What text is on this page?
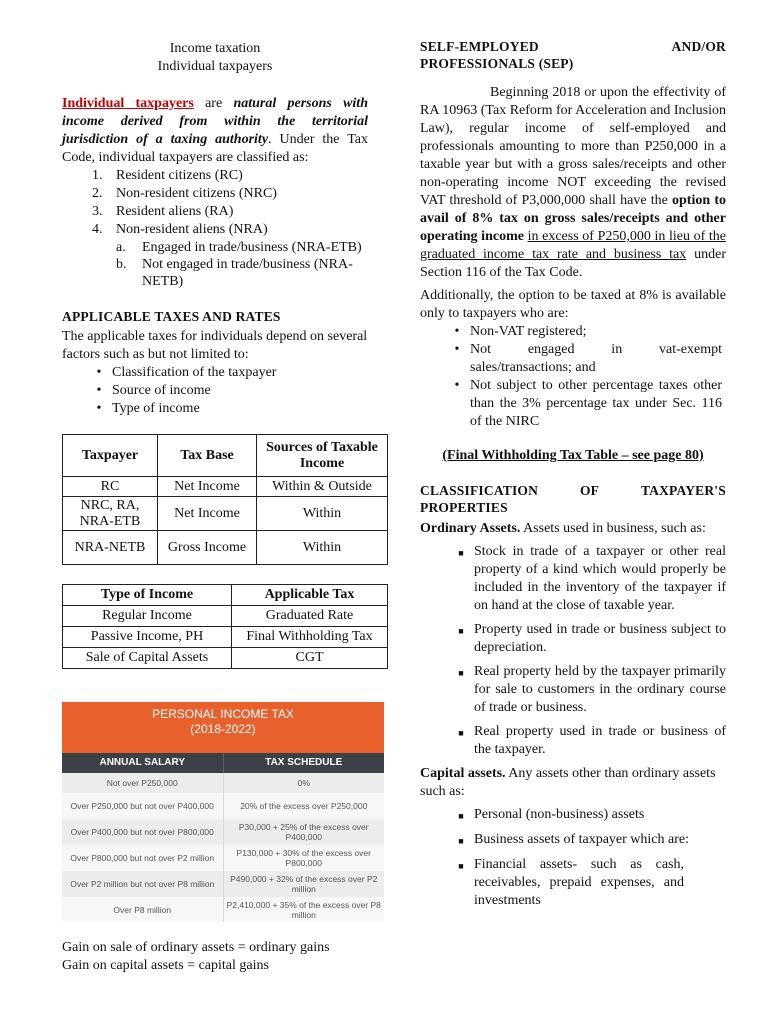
Income taxation

Individual taxpayers

Individual taxpayers are natural persons with income derived from within the territorial jurisdiction of a taxing authority. Under the Tax Code, individual taxpayers are classified as:

1. Resident citizens (RC)
2. Non-resident citizens (NRC)
3. Resident aliens (RA)
4. Non-resident aliens (NRA)
a.	Engaged in trade/business (NRA-ETB)
b.	Not engaged in trade/business (NRA-NETB)

APPLICABLE TAXES AND RATES

The applicable taxes for individuals depend on several factors such as but not limited to:

• Classification of the taxpayer
• Source of income
• Type of income
Taxpayer	Tax Base	Sources of Taxable Income
RC	Net Income	Within & Outside
NRC, RA, NRA-ETB	Net Income	Within
NRA-NETB	Gross Income	Within
Type of Income	Applicable Tax
Regular Income	Graduated Rate
Passive Income, PH	Final Withholding Tax
Sale of Capital Assets	CGT
PERSONAL INCOME TAX
(2018-2022)
ANNUAL SALARY	TAX SCHEDULE
Not over P250,000	0%
Over P250,000 but not over P400,000	20% of the excess over P250,000
Over P400,000 but not over P800,000	P30,000 + 25% of the excess over P400,000
Over P800,000 but not over P2 million	P130,000 + 30% of the excess over P800,000
Over P2 million but not over P8 million	P490,000 + 32% of the excess over P2 million
Over P8 million	P2,410,000 + 35% of the excess over P8 million

Gain on sale of ordinary assets = ordinary gains

Gain on capital assets = capital gains

SELF-EMPLOYED	AND/OR

PROFESSIONALS (SEP)

Beginning 2018 or upon the effectivity of RA 10963 (Tax Reform for Acceleration and Inclusion Law), regular income of self-employed and professionals amounting to more than P250,000 in a taxable year but with a gross sales/receipts and other non-operating income NOT exceeding the revised VAT threshold of P3,000,000 shall have the option to avail of 8% tax on gross sales/receipts and other operating income in excess of P250,000 in lieu of the graduated income tax rate and business tax under Section 116 of the Tax Code.

Additionally, the option to be taxed at 8% is available only to taxpayers who are:

• Non-VAT registered;
• Not engaged in vat-exempt sales/transactions; and
• Not subject to other percentage taxes other than the 3% percentage tax under Sec. 116 of the NIRC

(Final Withholding Tax Table – see page 80)

CLASSIFICATION	OF	TAXPAYER'S

PROPERTIES

Ordinary Assets. Assets used in business, such as:

■ Stock in trade of a taxpayer or other real property of a kind which would properly be included in the inventory of the taxpayer if on hand at the close of taxable year.
■ Property used in trade or business subject to depreciation.
■ Real property held by the taxpayer primarily for sale to customers in the ordinary course of trade or business.
■ Real property used in trade or business of the taxpayer.

Capital assets. Any assets other than ordinary assets such as:

■ Personal (non-business) assets
■ Business assets of taxpayer which are:
■ Financial assets- such as cash, receivables, prepaid expenses, and investments
